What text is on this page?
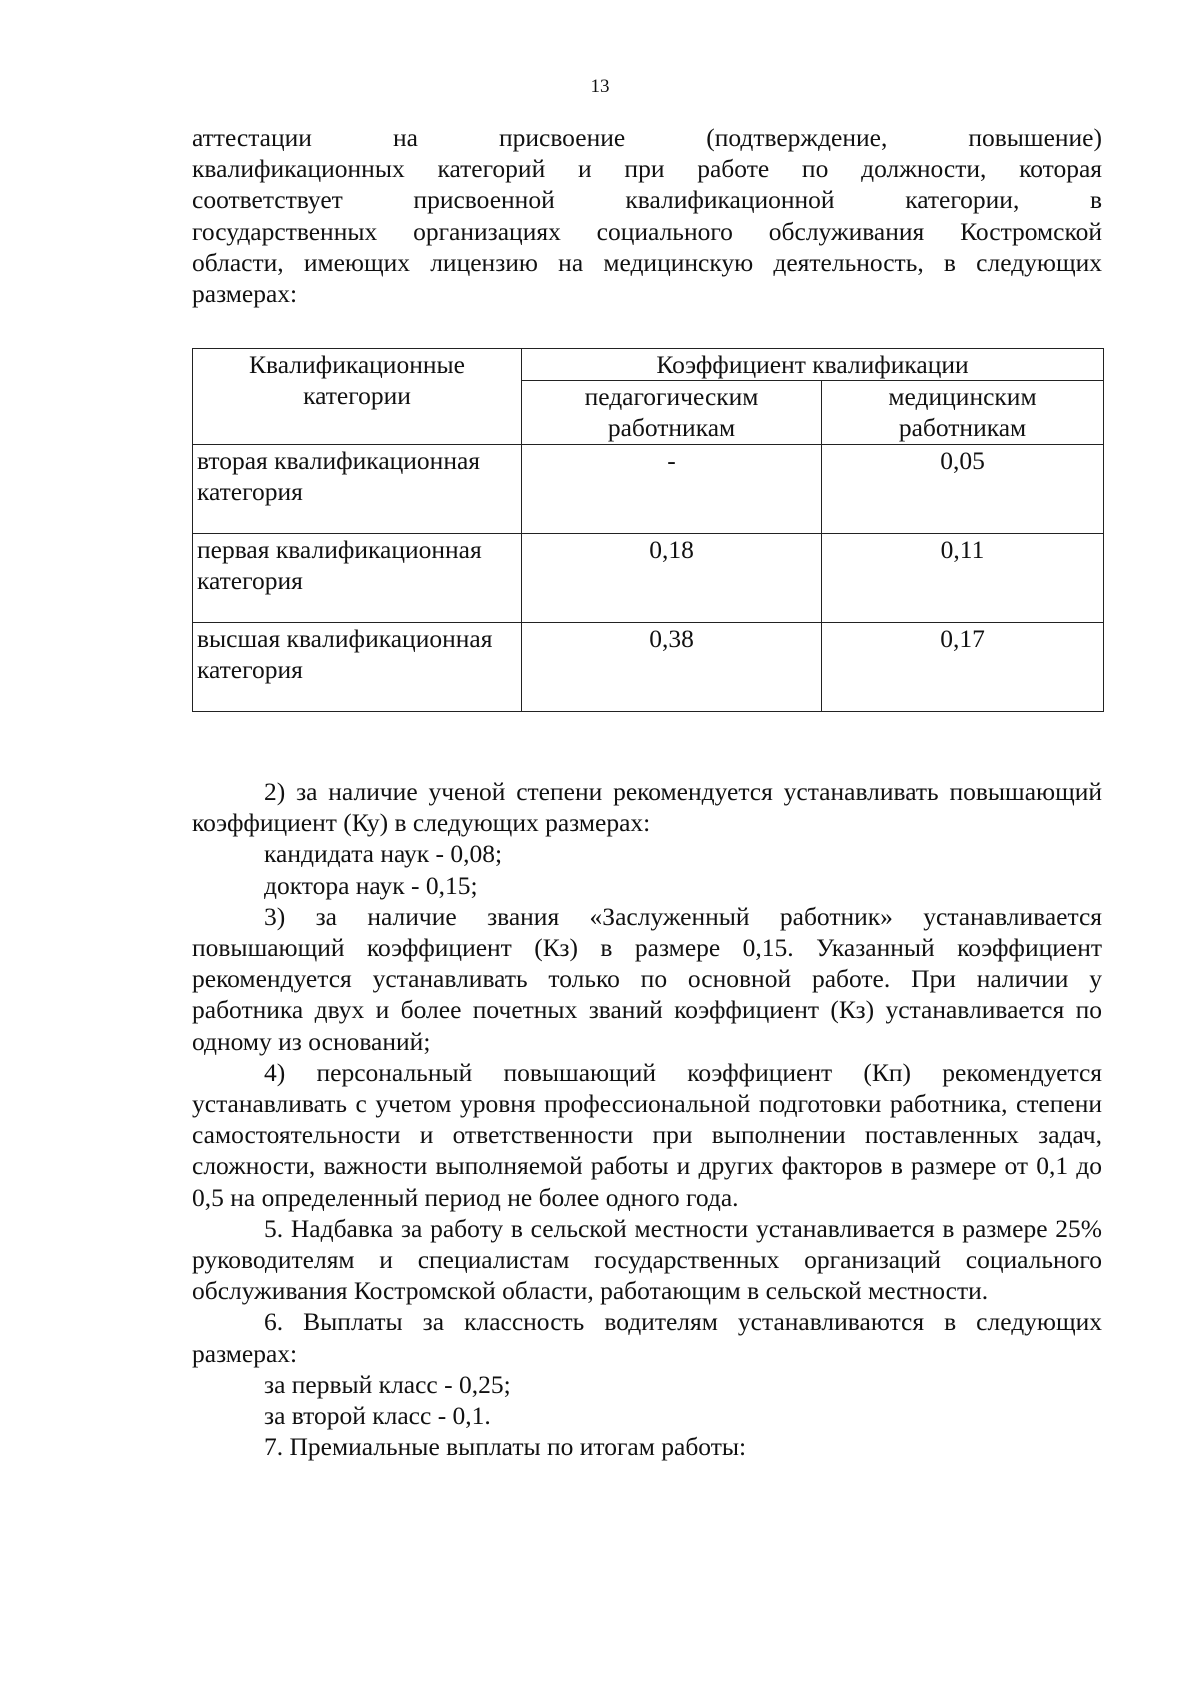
13

аттестации на присвоение (подтверждение, повышение)

квалификационных категорий и при работе по должности, которая

соответствует присвоенной квалификационной категории, в

государственных организациях социального обслуживания Костромской

области, имеющих лицензию на медицинскую деятельность, в следующих

размерах:

Квалификационные категории	Коэффициент квалификации	
	педагогическим работникам	медицинским работникам
вторая квалификационная категория	-	0,05
первая квалификационная категория	0,18	0,11
высшая квалификационная категория	0,38	0,17

2) за наличие ученой степени рекомендуется устанавливать повышающий коэффициент (Ку) в следующих размерах:

кандидата наук - 0,08;

доктора наук - 0,15;

3) за наличие звания «Заслуженный работник» устанавливается повышающий коэффициент (Кз) в размере 0,15. Указанный коэффициент рекомендуется устанавливать только по основной работе. При наличии у работника двух и более почетных званий коэффициент (Кз) устанавливается по одному из оснований;

4) персональный повышающий коэффициент (Кп) рекомендуется устанавливать с учетом уровня профессиональной подготовки работника, степени самостоятельности и ответственности при выполнении поставленных задач, сложности, важности выполняемой работы и других факторов в размере от 0,1 до 0,5 на определенный период не более одного года.

5. Надбавка за работу в сельской местности устанавливается в размере 25% руководителям и специалистам государственных организаций социального обслуживания Костромской области, работающим в сельской местности.

6. Выплаты за классность водителям устанавливаются в следующих размерах:

за первый класс - 0,25;

за второй класс - 0,1.

7. Премиальные выплаты по итогам работы:
